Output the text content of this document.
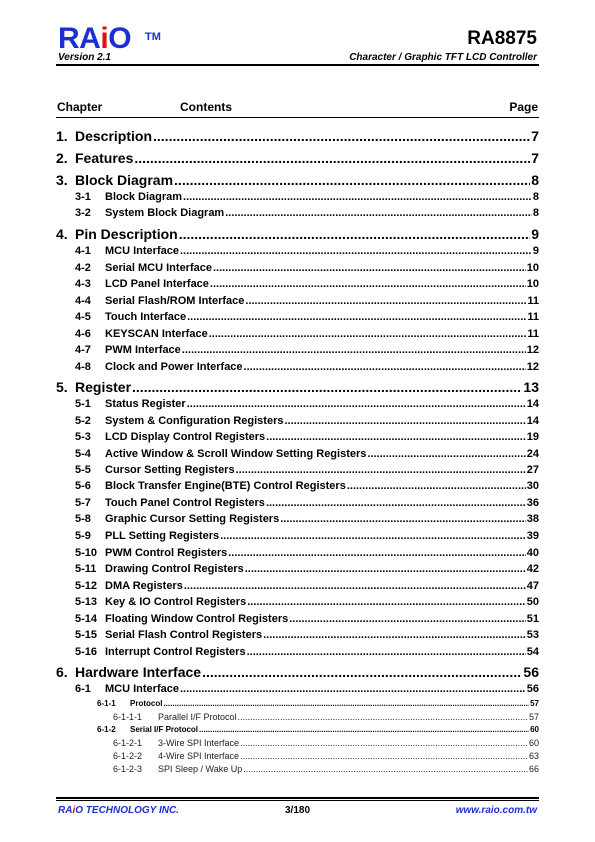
RAiO TM
Version 2.1
RA8875
Character / Graphic TFT LCD Controller
Chapter	Contents	Page
1. Description .....	7
2. Features .....	7
3. Block Diagram .....	8
3-1	Block Diagram .....	8
3-2	System Block Diagram .....	8
4. Pin Description .....	9
4-1	MCU Interface .....	9
4-2	Serial MCU Interface .....	10
4-3	LCD Panel Interface .....	10
4-4	Serial Flash/ROM Interface .....	11
4-5	Touch Interface .....	11
4-6	KEYSCAN Interface .....	11
4-7	PWM Interface .....	12
4-8	Clock and Power Interface .....	12
5. Register .....	13
5-1	Status Register .....	14
5-2	System & Configuration Registers .....	14
5-3	LCD Display Control Registers .....	19
5-4	Active Window & Scroll Window Setting Registers .....	24
5-5	Cursor Setting Registers .....	27
5-6	Block Transfer Engine(BTE) Control Registers .....	30
5-7	Touch Panel Control Registers .....	36
5-8	Graphic Cursor Setting Registers .....	38
5-9	PLL Setting Registers .....	39
5-10 PWM Control Registers .....	40
5-11 Drawing Control Registers .....	42
5-12 DMA Registers .....	47
5-13 Key & IO Control Registers .....	50
5-14 Floating Window Control Registers .....	51
5-15 Serial Flash Control Registers .....	53
5-16 Interrupt Control Registers .....	54
6. Hardware Interface .....	56
6-1	MCU Interface .....	56
6-1-1	Protocol .....	57
6-1-1-1	Parallel I/F Protocol .....	57
6-1-2	Serial I/F Protocol .....	60
6-1-2-1	3-Wire SPI Interface .....	60
6-1-2-2	4-Wire SPI Interface .....	63
6-1-2-3	SPI Sleep / Wake Up .....	66
RAiO TECHNOLOGY INC.	3/180	www.raio.com.tw
